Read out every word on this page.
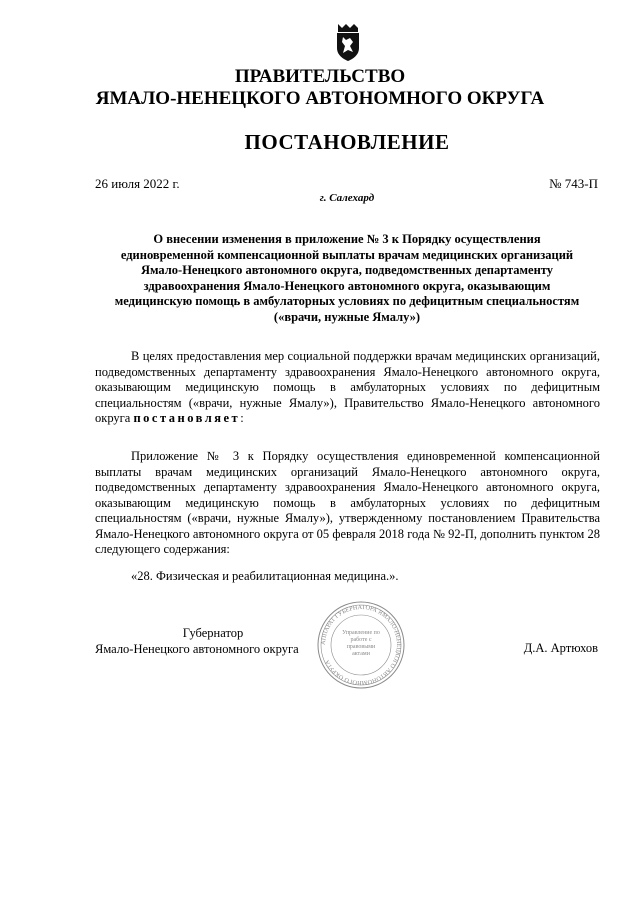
ПРАВИТЕЛЬСТВО
ЯМАЛО-НЕНЕЦКОГО АВТОНОМНОГО ОКРУГА
ПОСТАНОВЛЕНИЕ
26 июля 2022 г.	№ 743-П
г. Салехард
О внесении изменения в приложение № 3 к Порядку осуществления единовременной компенсационной выплаты врачам медицинских организаций Ямало-Ненецкого автономного округа, подведомственных департаменту здравоохранения Ямало-Ненецкого автономного округа, оказывающим медицинскую помощь в амбулаторных условиях по дефицитным специальностям («врачи, нужные Ямалу»)
В целях предоставления мер социальной поддержки врачам медицинских организаций, подведомственных департаменту здравоохранения Ямало-Ненецкого автономного округа, оказывающим медицинскую помощь в амбулаторных условиях по дефицитным специальностям («врачи, нужные Ямалу»), Правительство Ямало-Ненецкого автономного округа постановляет:
Приложение № 3 к Порядку осуществления единовременной компенсационной выплаты врачам медицинских организаций Ямало-Ненецкого автономного округа, подведомственных департаменту здравоохранения Ямало-Ненецкого автономного округа, оказывающим медицинскую помощь в амбулаторных условиях по дефицитным специальностям («врачи, нужные Ямалу»), утвержденному постановлением Правительства Ямало-Ненецкого автономного округа от 05 февраля 2018 года № 92-П, дополнить пунктом 28 следующего содержания:
«28. Физическая и реабилитационная медицина.».
АППАРАТ ГУБЕРНАТОРА ЯМАЛО-НЕНЕЦКОГО АВТОНОМНОГО ОКРУГА
Управление по работе с правовыми актами
Губернатор
Ямало-Ненецкого автономного округа	Д.А. Артюхов
